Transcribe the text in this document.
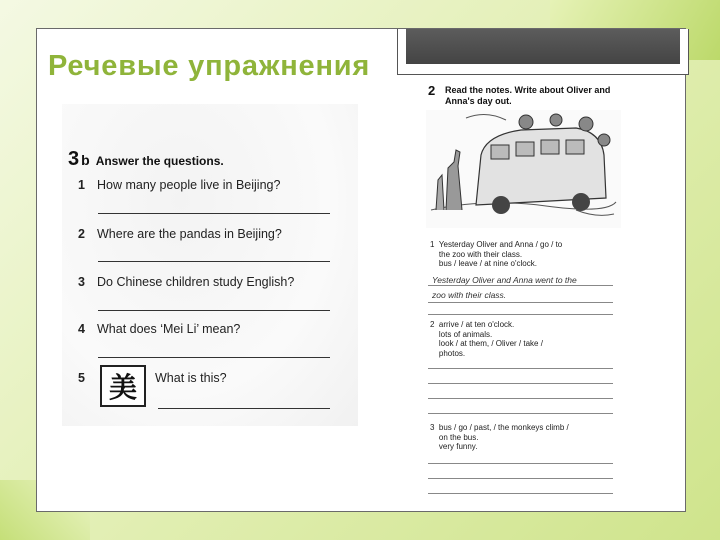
Речевые упражнения
3 b Answer the questions.
1 How many people live in Beijing?
2 Where are the pandas in Beijing?
3 Do Chinese children study English?
4 What does ‘Mei Li’ mean?
5 美	What is this?
2 Read the notes. Write about Oliver and Anna's day out.
1 Yesterday Oliver and Anna / go / to
the zoo with their class.
bus / leave / at nine o'clock.
Yesterday Oliver and Anna went to the
zoo with their class.
2 arrive / at ten o'clock.
lots of animals.
look / at them, / Oliver / take /
photos.
3 bus / go / past, / the monkeys climb /
on the bus.
very funny.
